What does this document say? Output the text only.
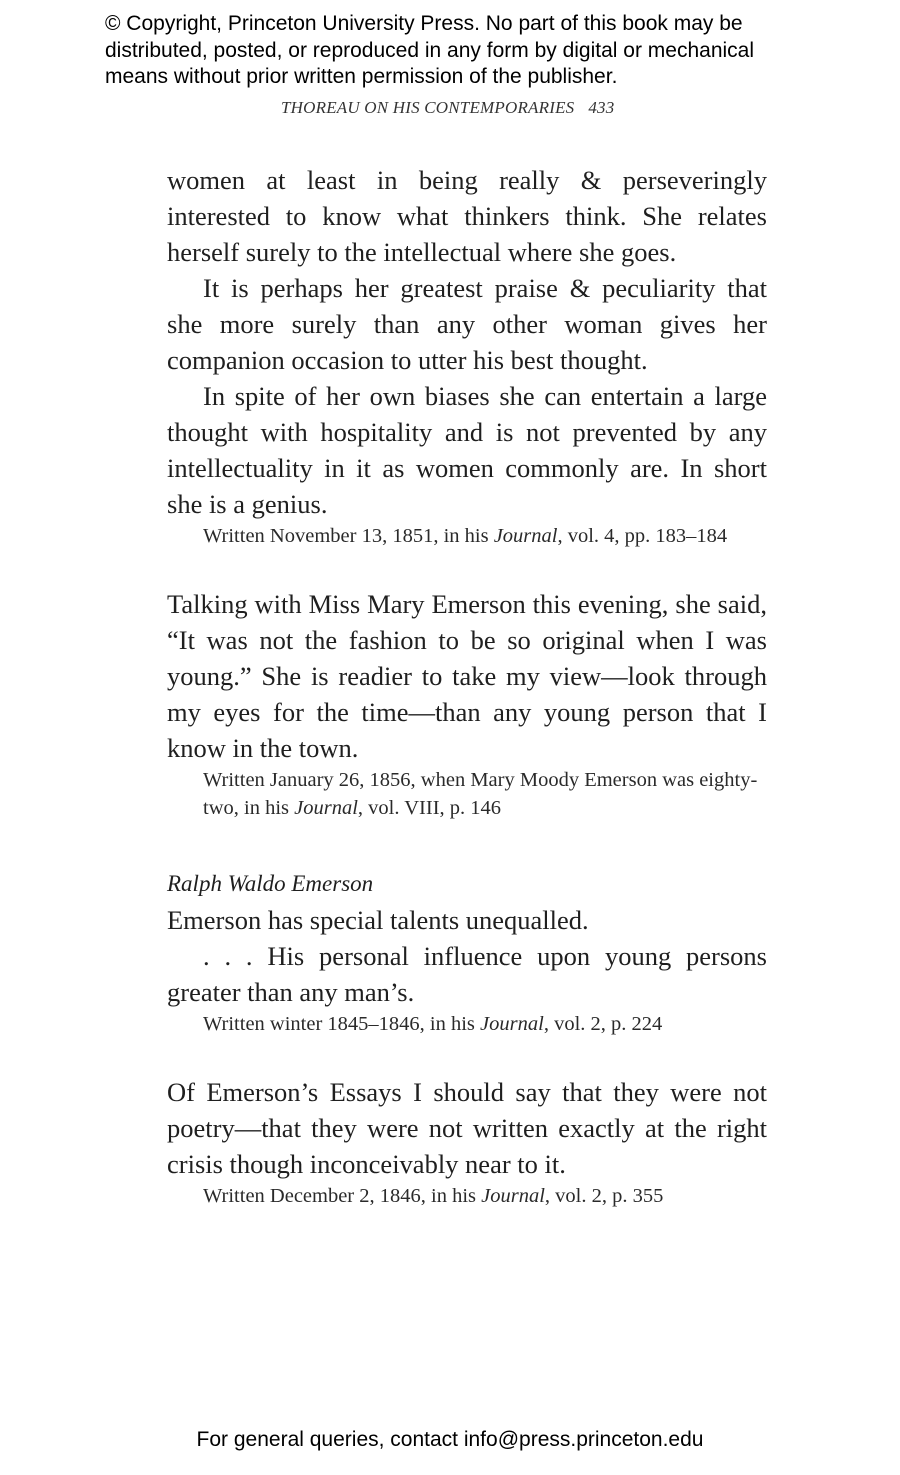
© Copyright, Princeton University Press. No part of this book may be
distributed, posted, or reproduced in any form by digital or mechanical
means without prior written permission of the publisher.
THOREAU ON HIS CONTEMPORARIES 433

women at least in being really & perseveringly interested to know what thinkers think. She relates herself surely to the intellectual where she goes.

It is perhaps her greatest praise & peculiarity that she more surely than any other woman gives her companion occasion to utter his best thought.

In spite of her own biases she can entertain a large thought with hospitality and is not prevented by any intellectuality in it as women commonly are. In short she is a genius.

Written November 13, 1851, in his Journal, vol. 4, pp. 183–184

Talking with Miss Mary Emerson this evening, she said, “It was not the fashion to be so original when I was young.” She is readier to take my view—look through my eyes for the time—than any young person that I know in the town.

Written January 26, 1856, when Mary Moody Emerson was eighty-two, in his Journal, vol. VIII, p. 146

Ralph Waldo Emerson

Emerson has special talents unequalled.

. . . His personal influence upon young persons greater than any man’s.

Written winter 1845–1846, in his Journal, vol. 2, p. 224

Of Emerson’s Essays I should say that they were not poetry—that they were not written exactly at the right crisis though inconceivably near to it.

Written December 2, 1846, in his Journal, vol. 2, p. 355
For general queries, contact info@press.princeton.edu
